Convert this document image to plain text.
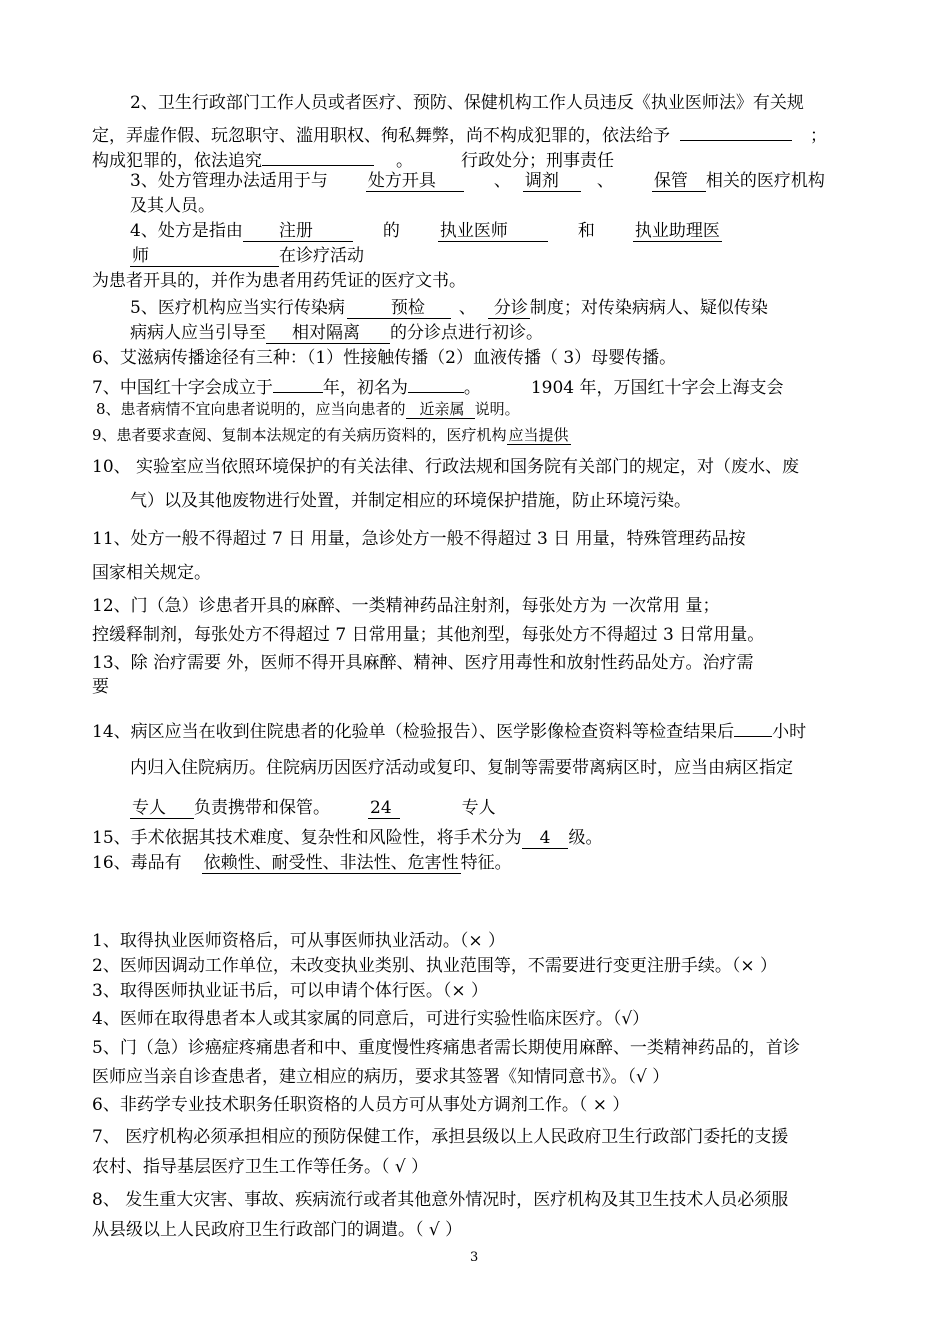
2、卫生行政部门工作人员或者医疗、预防、保健机构工作人员违反《执业医师法》有关规
定，弄虚作假、玩忽职守、滥用职权、徇私舞弊，尚不构成犯罪的，依法给予	；
构成犯罪的，依法追究	。	行政处分；刑事责任
3、处方管理办法适用于与 处方开具	、 调剂 、 保管 相关的医疗机构
及其人员。
4、处方是指由 注册	的 执业医师	和 执业助理医
师	在诊疗活动
为患者开具的，并作为患者用药凭证的医疗文书。
5、医疗机构应当实行传染病	预检 、 分诊 制度；对传染病病人、疑似传染
病病人应当引导至 相对隔离 的分诊点进行初诊。
6、艾滋病传播途径有三种：（1）性接触传播（2）血液传播（ 3）母婴传播。
7、中国红十字会成立于	年，初名为	。	1904 年，万国红十字会上海支会
8、患者病情不宜向患者说明的，应当向患者的 近亲属 说明。
9、患者要求查阅、复制本法规定的有关病历资料的，医疗机构 应当提供
10、 实验室应当依照环境保护的有关法律、行政法规和国务院有关部门的规定，对（废水、废
气）以及其他废物进行处置，并制定相应的环境保护措施，防止环境污染。
11、处方一般不得超过 7 日 用量，急诊处方一般不得超过 3 日 用量，特殊管理药品按
国家相关规定。
12、门（急）诊患者开具的麻醉、一类精神药品注射剂，每张处方为 一次常用 量；
控缓释制剂，每张处方不得超过 7 日常用量；其他剂型，每张处方不得超过 3 日常用量。
13、除 治疗需要 外，医师不得开具麻醉、精神、医疗用毒性和放射性药品处方。治疗需
要
14、病区应当在收到住院患者的化验单（检验报告）、医学影像检查资料等检查结果后 小时
内归入住院病历。住院病历因医疗活动或复印、复制等需要带离病区时，应当由病区指定
专人 负责携带和保管。 24	专人
15、手术依据其技术难度、复杂性和风险性，将手术分为 4 级。
16、毒品有 依赖性、耐受性、非法性、危害性 特征。
1、取得执业医师资格后，可从事医师执业活动。（× ）
2、医师因调动工作单位，未改变执业类别、执业范围等，不需要进行变更注册手续。（× ）
3、取得医师执业证书后，可以申请个体行医。（× ）
4、医师在取得患者本人或其家属的同意后，可进行实验性临床医疗。（√）
5、门（急）诊癌症疼痛患者和中、重度慢性疼痛患者需长期使用麻醉、一类精神药品的，首诊
医师应当亲自诊查患者，建立相应的病历，要求其签署《知情同意书》。（√ ）
6、非药学专业技术职务任职资格的人员方可从事处方调剂工作。（ × ）
7、 医疗机构必须承担相应的预防保健工作，承担县级以上人民政府卫生行政部门委托的支援
农村、指导基层医疗卫生工作等任务。（ √ ）
8、 发生重大灾害、事故、疾病流行或者其他意外情况时，医疗机构及其卫生技术人员必须服
从县级以上人民政府卫生行政部门的调遣。（ √ ）
3
